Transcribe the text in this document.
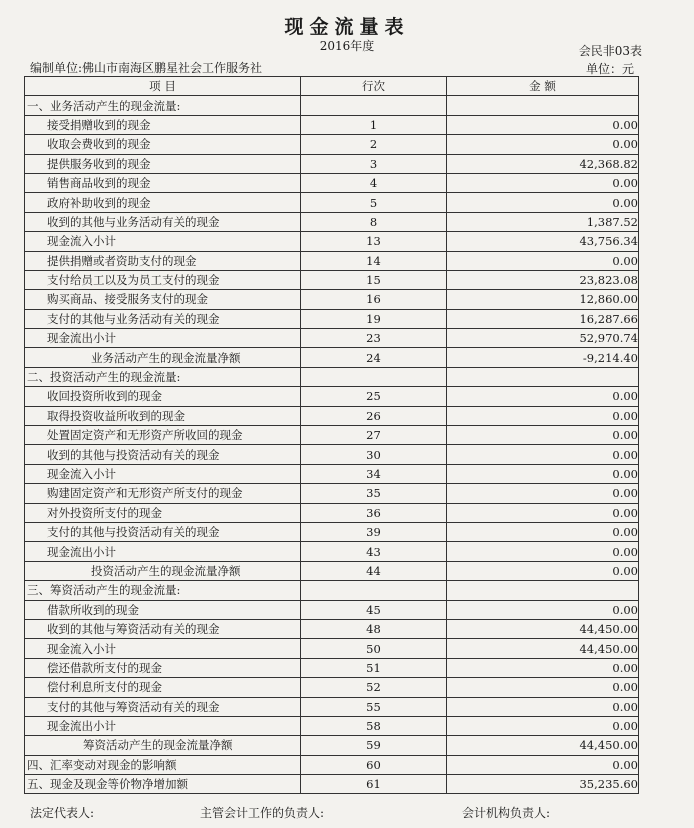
现金流量表
2016年度	会民非03表
编制单位:佛山市南海区鹏星社会工作服务社	单位：元
项 目	行次	金 额
一、业务活动产生的现金流量:		
接受捐赠收到的现金	1	0.00
收取会费收到的现金	2	0.00
提供服务收到的现金	3	42,368.82
销售商品收到的现金	4	0.00
政府补助收到的现金	5	0.00
收到的其他与业务活动有关的现金	8	1,387.52
现金流入小计	13	43,756.34
提供捐赠或者资助支付的现金	14	0.00
支付给员工以及为员工支付的现金	15	23,823.08
购买商品、接受服务支付的现金	16	12,860.00
支付的其他与业务活动有关的现金	19	16,287.66
现金流出小计	23	52,970.74
业务活动产生的现金流量净额	24	-9,214.40
二、投资活动产生的现金流量:		
收回投资所收到的现金	25	0.00
取得投资收益所收到的现金	26	0.00
处置固定资产和无形资产所收回的现金	27	0.00
收到的其他与投资活动有关的现金	30	0.00
现金流入小计	34	0.00
购建固定资产和无形资产所支付的现金	35	0.00
对外投资所支付的现金	36	0.00
支付的其他与投资活动有关的现金	39	0.00
现金流出小计	43	0.00
投资活动产生的现金流量净额	44	0.00
三、筹资活动产生的现金流量:		
借款所收到的现金	45	0.00
收到的其他与筹资活动有关的现金	48	44,450.00
现金流入小计	50	44,450.00
偿还借款所支付的现金	51	0.00
偿付利息所支付的现金	52	0.00
支付的其他与筹资活动有关的现金	55	0.00
现金流出小计	58	0.00
筹资活动产生的现金流量净额	59	44,450.00
四、汇率变动对现金的影响额	60	0.00
五、现金及现金等价物净增加额	61	35,235.60
法定代表人:	主管会计工作的负责人:	会计机构负责人:
